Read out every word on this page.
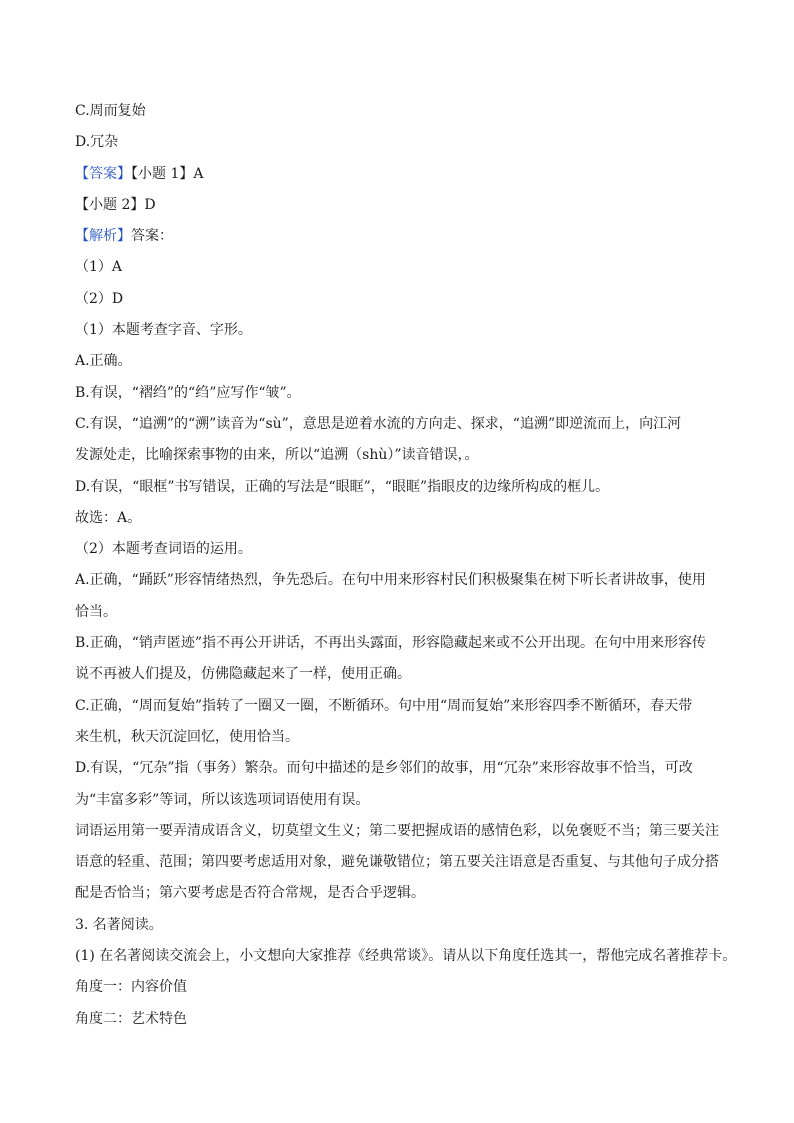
C.周而复始
D.冗杂
【答案】【小题 1】A
【小题 2】D
【解析】答案：
（1）A
（2）D
（1）本题考查字音、字形。
A.正确。
B.有误，“褶绉”的“绉”应写作“皱”。
C.有误，“追溯”的“溯”读音为“sù”，意思是逆着水流的方向走、探求，“追溯”即逆流而上，向江河
发源处走，比喻探索事物的由来，所以“追溯（shù）”读音错误，。
D.有误，“眼框”书写错误，正确的写法是“眼眶”，“眼眶”指眼皮的边缘所构成的框儿。
故选：A。
（2）本题考查词语的运用。
A.正确，“踊跃”形容情绪热烈，争先恐后。在句中用来形容村民们积极聚集在树下听长者讲故事，使用
恰当。
B.正确，“销声匿迹”指不再公开讲话，不再出头露面，形容隐藏起来或不公开出现。在句中用来形容传
说不再被人们提及，仿佛隐藏起来了一样，使用正确。
C.正确，“周而复始”指转了一圈又一圈，不断循环。句中用“周而复始”来形容四季不断循环，春天带
来生机，秋天沉淀回忆，使用恰当。
D.有误，“冗杂”指（事务）繁杂。而句中描述的是乡邻们的故事，用“冗杂”来形容故事不恰当，可改
为“丰富多彩”等词，所以该选项词语使用有误。
词语运用第一要弄清成语含义，切莫望文生义；第二要把握成语的感情色彩，以免褒贬不当；第三要关注
语意的轻重、范围；第四要考虑适用对象，避免谦敬错位；第五要关注语意是否重复、与其他句子成分搭
配是否恰当；第六要考虑是否符合常规，是否合乎逻辑。
3. 名著阅读。
(1) 在名著阅读交流会上，小文想向大家推荐《经典常谈》。请从以下角度任选其一，帮他完成名著推荐卡。
角度一：内容价值
角度二：艺术特色
